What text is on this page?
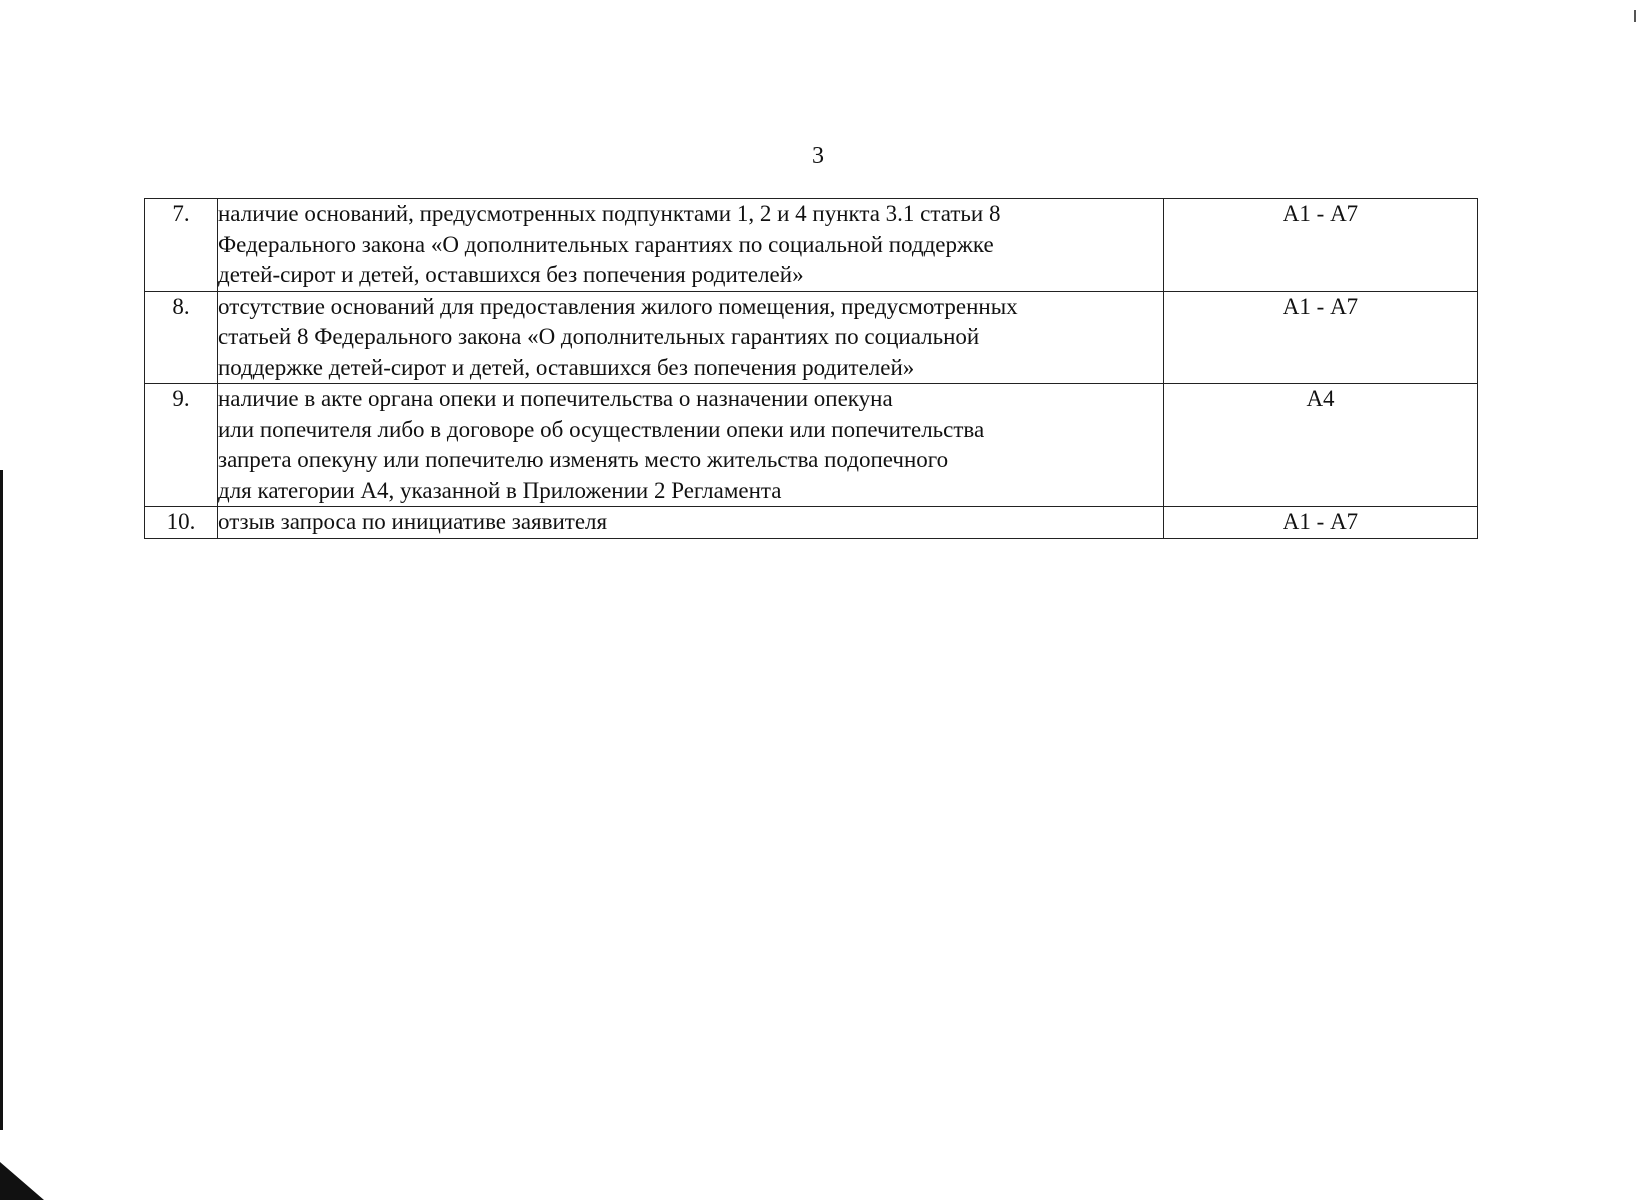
3
7.	наличие оснований, предусмотренных подпунктами 1, 2 и 4 пункта 3.1 статьи 8
Федерального закона «О дополнительных гарантиях по социальной поддержке
детей-сирот и детей, оставшихся без попечения родителей»	А1 - А7
8.	отсутствие оснований для предоставления жилого помещения, предусмотренных
статьей 8 Федерального закона «О дополнительных гарантиях по социальной
поддержке детей-сирот и детей, оставшихся без попечения родителей»	А1 - А7
9.	наличие в акте органа опеки и попечительства о назначении опекуна
или попечителя либо в договоре об осуществлении опеки или попечительства
запрета опекуну или попечителю изменять место жительства подопечного
для категории А4, указанной в Приложении 2 Регламента	А4
10.	отзыв запроса по инициативе заявителя	А1 - А7
